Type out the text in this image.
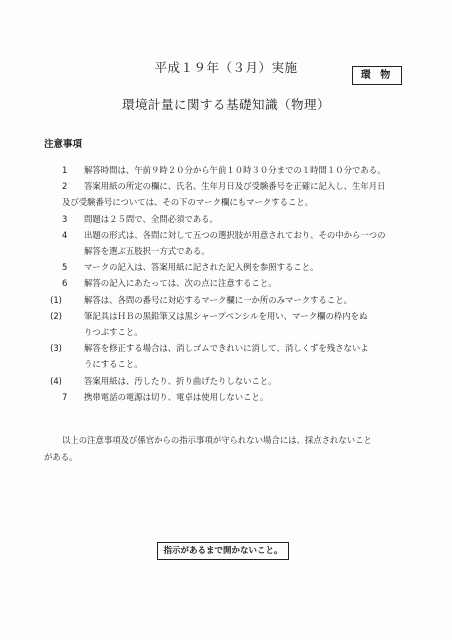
平成１９年（３月）実施
環 物
環境計量に関する基礎知識（物理）
注意事項
1	解答時間は、午前９時２０分から午前１０時３０分までの１時間１０分である。
2	答案用紙の所定の欄に、氏名、生年月日及び受験番号を正確に記入し、生年月日
及び受験番号については、その下のマーク欄にもマークすること。
3	問題は２５問で、全問必須である。
4	出題の形式は、各問に対して五つの選択肢が用意されており、その中から一つの
解答を選ぶ五肢択一方式である。
5	マークの記入は、答案用紙に記された記入例を参照すること。
6	解答の記入にあたっては、次の点に注意すること。
(1)	解答は、各問の番号に対応するマーク欄に一か所のみマークすること。
(2)	筆記具はＨＢの黒鉛筆又は黒シャープペンシルを用い、マーク欄の枠内をぬ
りつぶすこと。
(3)	解答を修正する場合は、消しゴムできれいに消して、消しくずを残さないよ
うにすること。
(4)	答案用紙は、汚したり、折り曲げたりしないこと。
7	携帯電話の電源は切り、電卓は使用しないこと。
以上の注意事項及び係官からの指示事項が守られない場合には、採点されないこと
がある。
指示があるまで開かないこと。
